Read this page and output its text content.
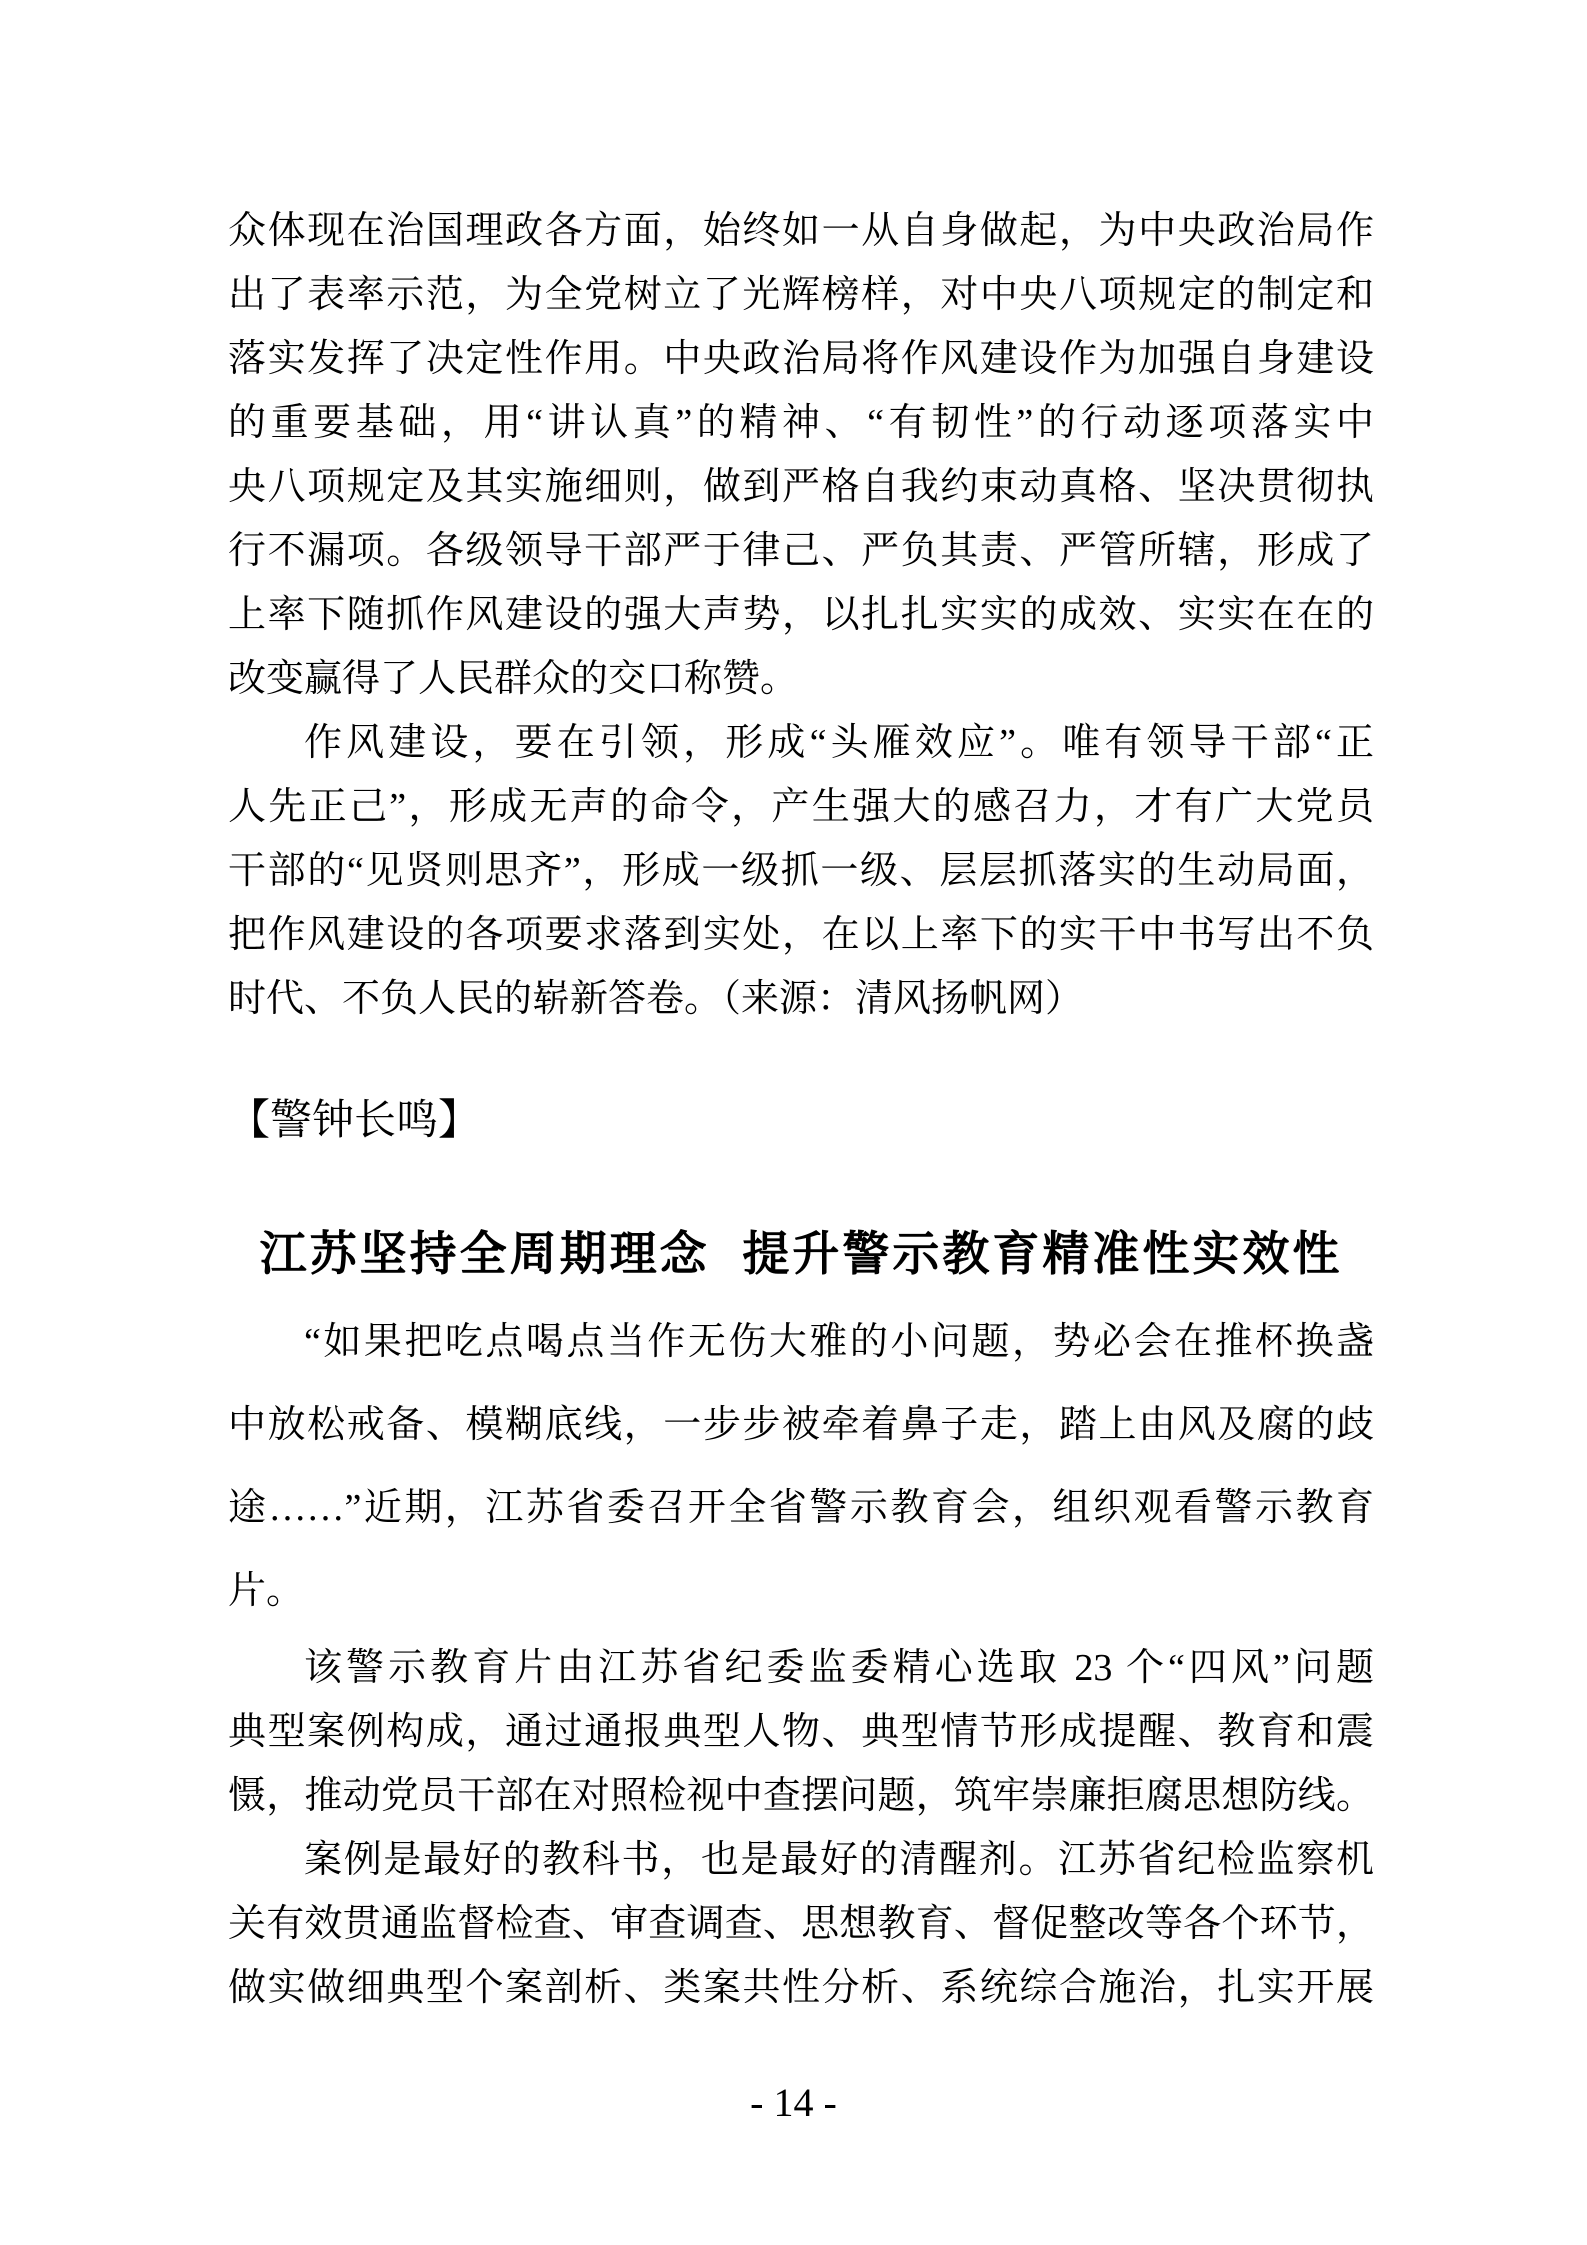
众体现在治国理政各方面，始终如一从自身做起，为中央政治局作
出了表率示范，为全党树立了光辉榜样，对中央八项规定的制定和
落实发挥了决定性作用。中央政治局将作风建设作为加强自身建设
的重要基础，用“讲认真”的精神、“有韧性”的行动逐项落实中
央八项规定及其实施细则，做到严格自我约束动真格、坚决贯彻执
行不漏项。各级领导干部严于律己、严负其责、严管所辖，形成了
上率下随抓作风建设的强大声势，以扎扎实实的成效、实实在在的
改变赢得了人民群众的交口称赞。
作风建设，要在引领，形成“头雁效应”。唯有领导干部“正
人先正己”，形成无声的命令，产生强大的感召力，才有广大党员
干部的“见贤则思齐”，形成一级抓一级、层层抓落实的生动局面，
把作风建设的各项要求落到实处，在以上率下的实干中书写出不负
时代、不负人民的崭新答卷。（来源：清风扬帆网）
【警钟长鸣】
江苏坚持全周期理念 提升警示教育精准性实效性
“如果把吃点喝点当作无伤大雅的小问题，势必会在推杯换盏
中放松戒备、模糊底线，一步步被牵着鼻子走，踏上由风及腐的歧
途……”近期，江苏省委召开全省警示教育会，组织观看警示教育
片。
该警示教育片由江苏省纪委监委精心选取 23 个“四风”问题
典型案例构成，通过通报典型人物、典型情节形成提醒、教育和震
慑，推动党员干部在对照检视中查摆问题，筑牢崇廉拒腐思想防线。
案例是最好的教科书，也是最好的清醒剂。江苏省纪检监察机
关有效贯通监督检查、审查调查、思想教育、督促整改等各个环节，
做实做细典型个案剖析、类案共性分析、系统综合施治，扎实开展
- 14 -
